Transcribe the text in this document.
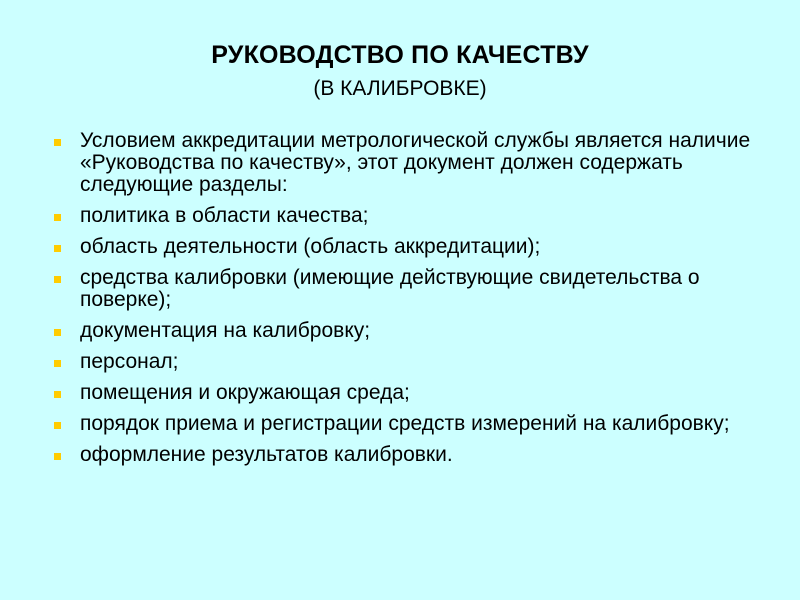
РУКОВОДСТВО ПО КАЧЕСТВУ
(В КАЛИБРОВКЕ)
Условием аккредитации метрологической службы является наличие «Руководства по качеству», этот документ должен содержать следующие разделы:
политика в области качества;
область деятельности (область аккредитации);
средства калибровки (имеющие действующие свидетельства о поверке);
документация на калибровку;
персонал;
помещения и окружающая среда;
порядок приема и регистрации средств измерений на калибровку;
оформление результатов калибровки.
